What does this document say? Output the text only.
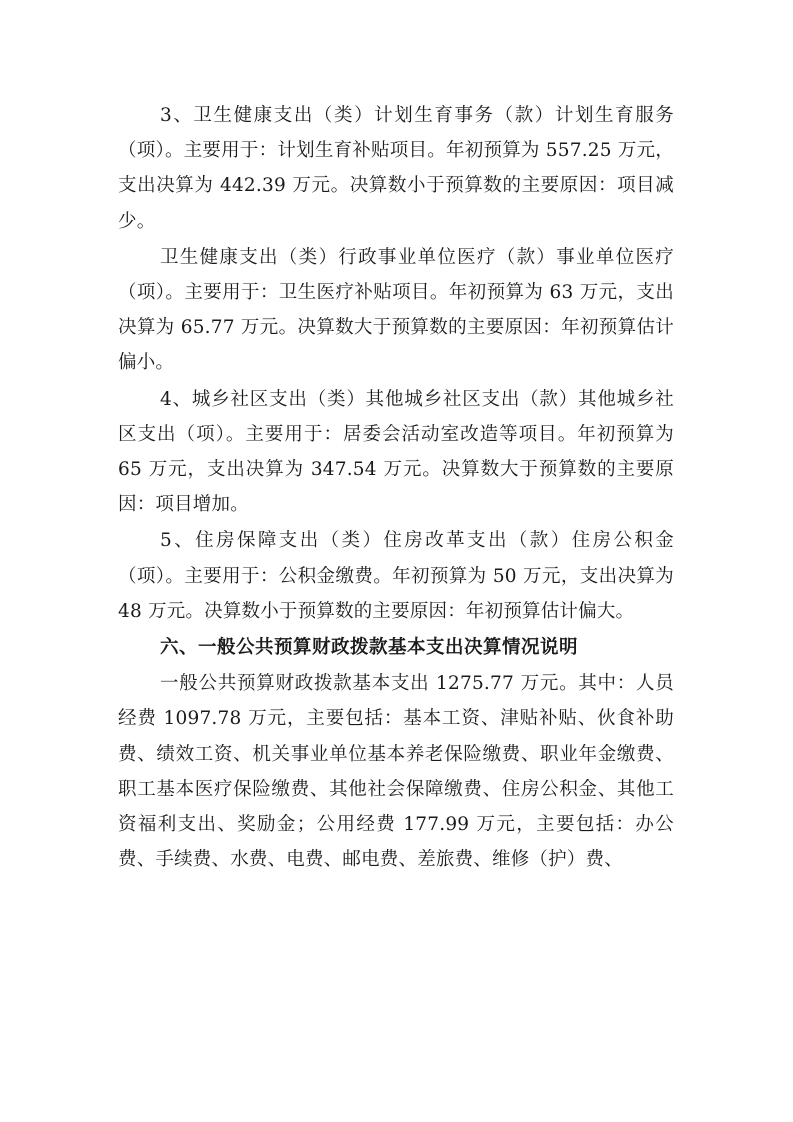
3、卫生健康支出（类）计划生育事务（款）计划生育服务（项）。主要用于：计划生育补贴项目。年初预算为 557.25 万元，支出决算为 442.39 万元。决算数小于预算数的主要原因：项目减少。

卫生健康支出（类）行政事业单位医疗（款）事业单位医疗（项）。主要用于：卫生医疗补贴项目。年初预算为 63 万元，支出决算为 65.77 万元。决算数大于预算数的主要原因：年初预算估计偏小。

4、城乡社区支出（类）其他城乡社区支出（款）其他城乡社区支出（项）。主要用于：居委会活动室改造等项目。年初预算为 65 万元，支出决算为 347.54 万元。决算数大于预算数的主要原因：项目增加。

5、住房保障支出（类）住房改革支出（款）住房公积金（项）。主要用于：公积金缴费。年初预算为 50 万元，支出决算为 48 万元。决算数小于预算数的主要原因：年初预算估计偏大。

六、一般公共预算财政拨款基本支出决算情况说明

一般公共预算财政拨款基本支出 1275.77 万元。其中：人员经费 1097.78 万元，主要包括：基本工资、津贴补贴、伙食补助费、绩效工资、机关事业单位基本养老保险缴费、职业年金缴费、职工基本医疗保险缴费、其他社会保障缴费、住房公积金、其他工资福利支出、奖励金；公用经费 177.99 万元，主要包括：办公费、手续费、水费、电费、邮电费、差旅费、维修（护）费、
